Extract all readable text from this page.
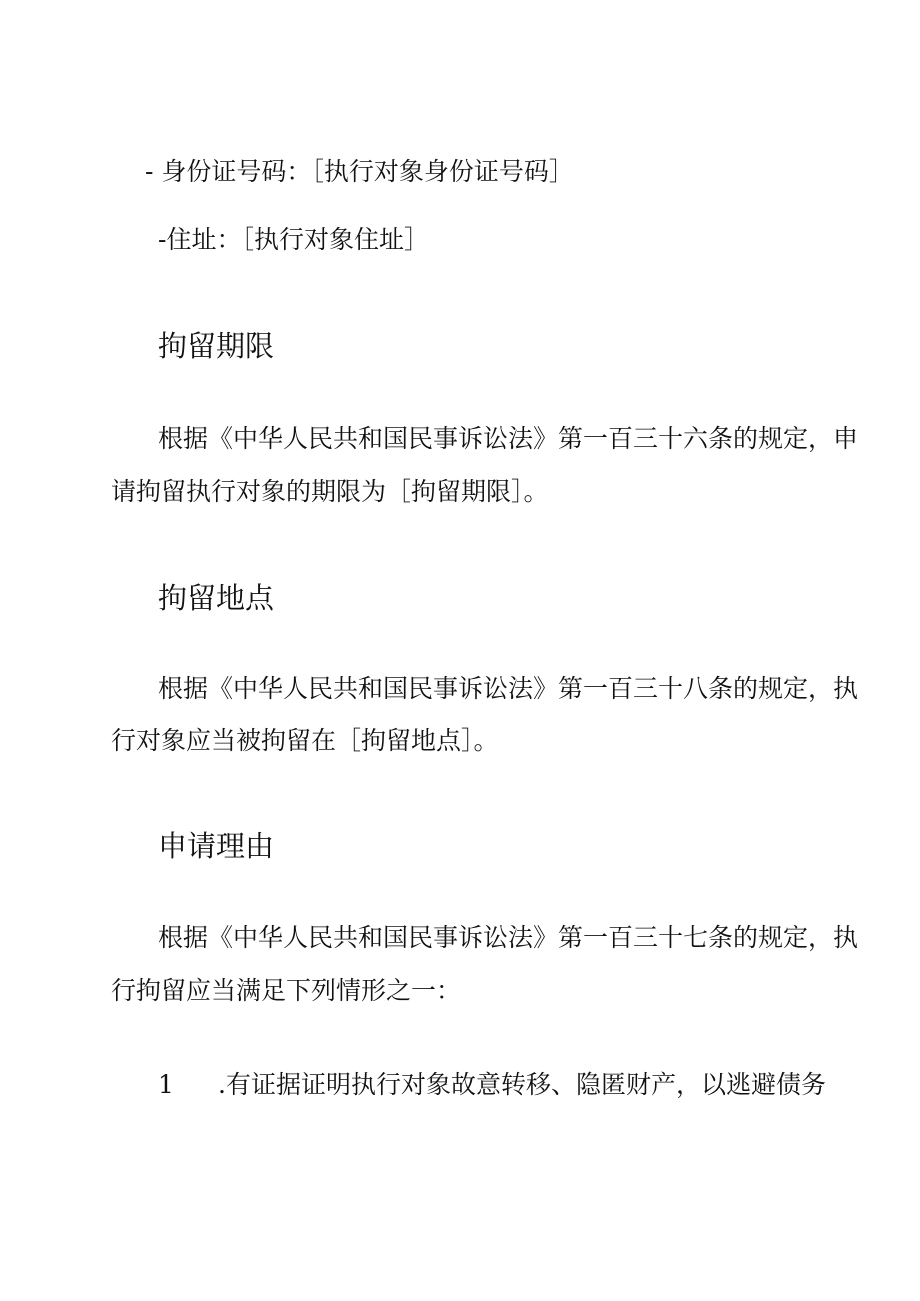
- 身份证号码：［执行对象身份证号码］

-住址：［执行对象住址］

拘留期限

根据《中华人民共和国民事诉讼法》第一百三十六条的规定，申

请拘留执行对象的期限为［拘留期限］。

拘留地点

根据《中华人民共和国民事诉讼法》第一百三十八条的规定，执

行对象应当被拘留在［拘留地点］。

申请理由

根据《中华人民共和国民事诉讼法》第一百三十七条的规定，执

行拘留应当满足下列情形之一：

1 .有证据证明执行对象故意转移、隐匿财产，以逃避债务
